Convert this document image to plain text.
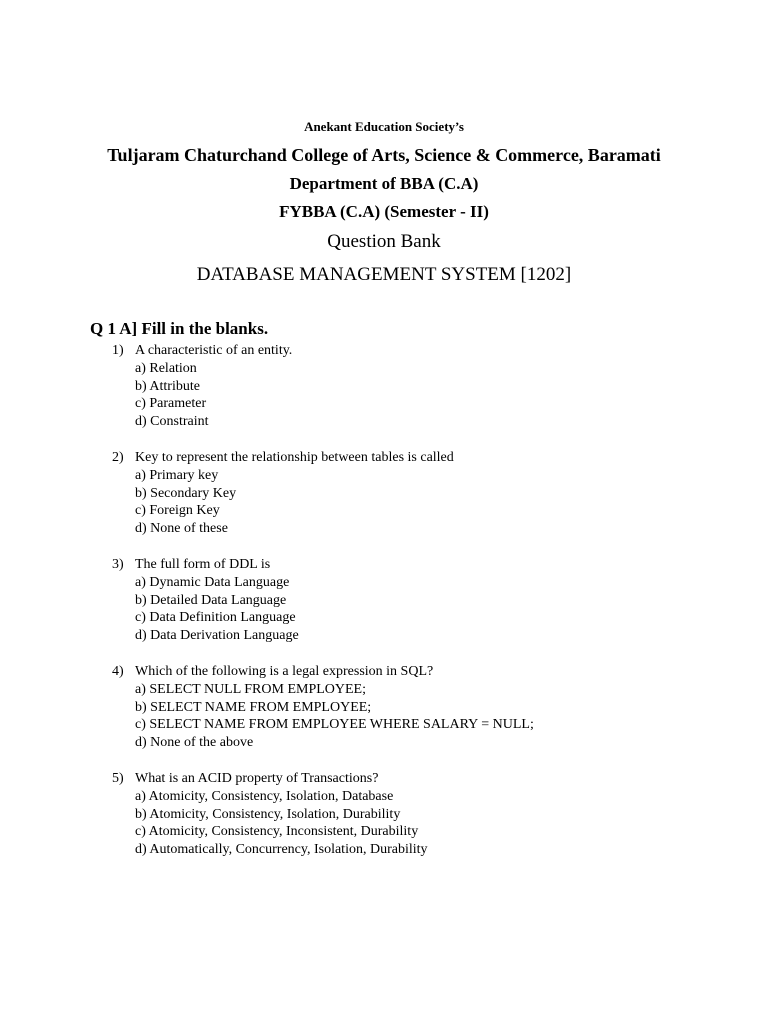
Anekant Education Society’s
Tuljaram Chaturchand College of Arts, Science & Commerce, Baramati
Department of BBA (C.A)
FYBBA (C.A) (Semester - II)
Question Bank
DATABASE MANAGEMENT SYSTEM [1202]
Q 1 A] Fill in the blanks.
1) A characteristic of an entity.
a) Relation
b) Attribute
c) Parameter
d) Constraint
2) Key to represent the relationship between tables is called
a) Primary key
b) Secondary Key
c) Foreign Key
d) None of these
3) The full form of DDL is
a) Dynamic Data Language
b) Detailed Data Language
c) Data Definition Language
d) Data Derivation Language
4) Which of the following is a legal expression in SQL?
a) SELECT NULL FROM EMPLOYEE;
b) SELECT NAME FROM EMPLOYEE;
c) SELECT NAME FROM EMPLOYEE WHERE SALARY = NULL;
d) None of the above
5) What is an ACID property of Transactions?
a) Atomicity, Consistency, Isolation, Database
b) Atomicity, Consistency, Isolation, Durability
c) Atomicity, Consistency, Inconsistent, Durability
d) Automatically, Concurrency, Isolation, Durability
